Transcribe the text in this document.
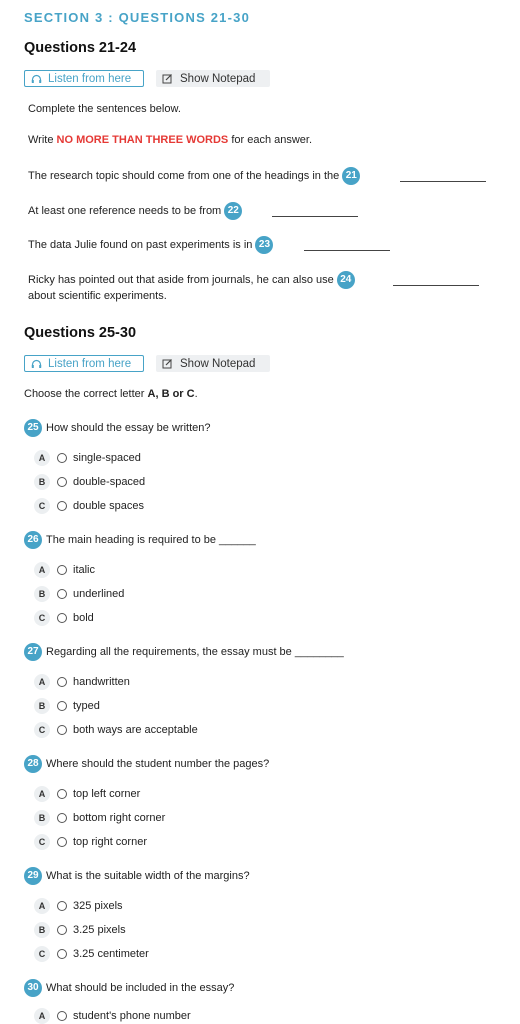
SECTION 3 : QUESTIONS 21-30
Questions 21-24
Listen from here	Show Notepad
Complete the sentences below.
Write NO MORE THAN THREE WORDS for each answer.
The research topic should come from one of the headings in the 21
At least one reference needs to be from 22
The data Julie found on past experiments is in 23
Ricky has pointed out that aside from journals, he can also use 24
about scientific experiments.
Questions 25-30
Listen from here	Show Notepad
Choose the correct letter A, B or C.
25 How should the essay be written?
A	single-spaced
B	double-spaced
C	double spaces
26 The main heading is required to be ______
A	italic
B	underlined
C	bold
27 Regarding all the requirements, the essay must be ________
A	handwritten
B	typed
C	both ways are acceptable
28 Where should the student number the pages?
A	top left corner
B	bottom right corner
C	top right corner
29 What is the suitable width of the margins?
A	325 pixels
B	3.25 pixels
C	3.25 centimeter
30 What should be included in the essay?
A	student's phone number
